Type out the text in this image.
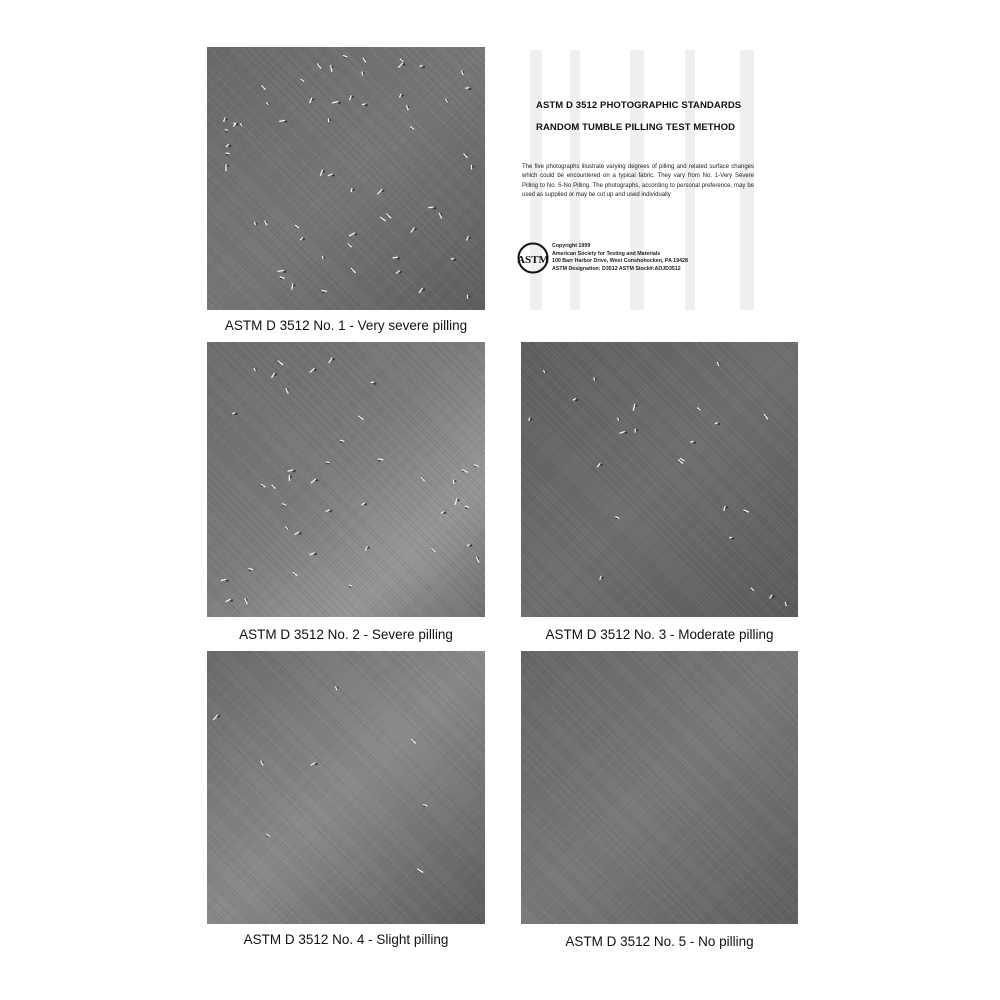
ASTM D 3512 No. 1 - Very severe pilling
ASTM D 3512 PHOTOGRAPHIC STANDARDS
RANDOM TUMBLE PILLING TEST METHOD
The five photographs illustrate varying degrees of pilling and related surface changes which could be encountered on a typical fabric. They vary from No. 1-Very Severe Pilling to No. 5-No Pilling. The photographs, according to personal preference, may be used as supplied or may be cut up and used individually
ASTM
Copyright 1999
American Society for Testing and Materials
100 Barr Harbor Drive, West Conshohocken, PA 19428
ASTM Designation: D3512 ASTM Stock#:ADJD3512
ASTM D 3512 No. 2 - Severe pilling	ASTM D 3512 No. 3 - Moderate pilling
ASTM D 3512 No. 4 - Slight pilling	ASTM D 3512 No. 5 - No pilling
